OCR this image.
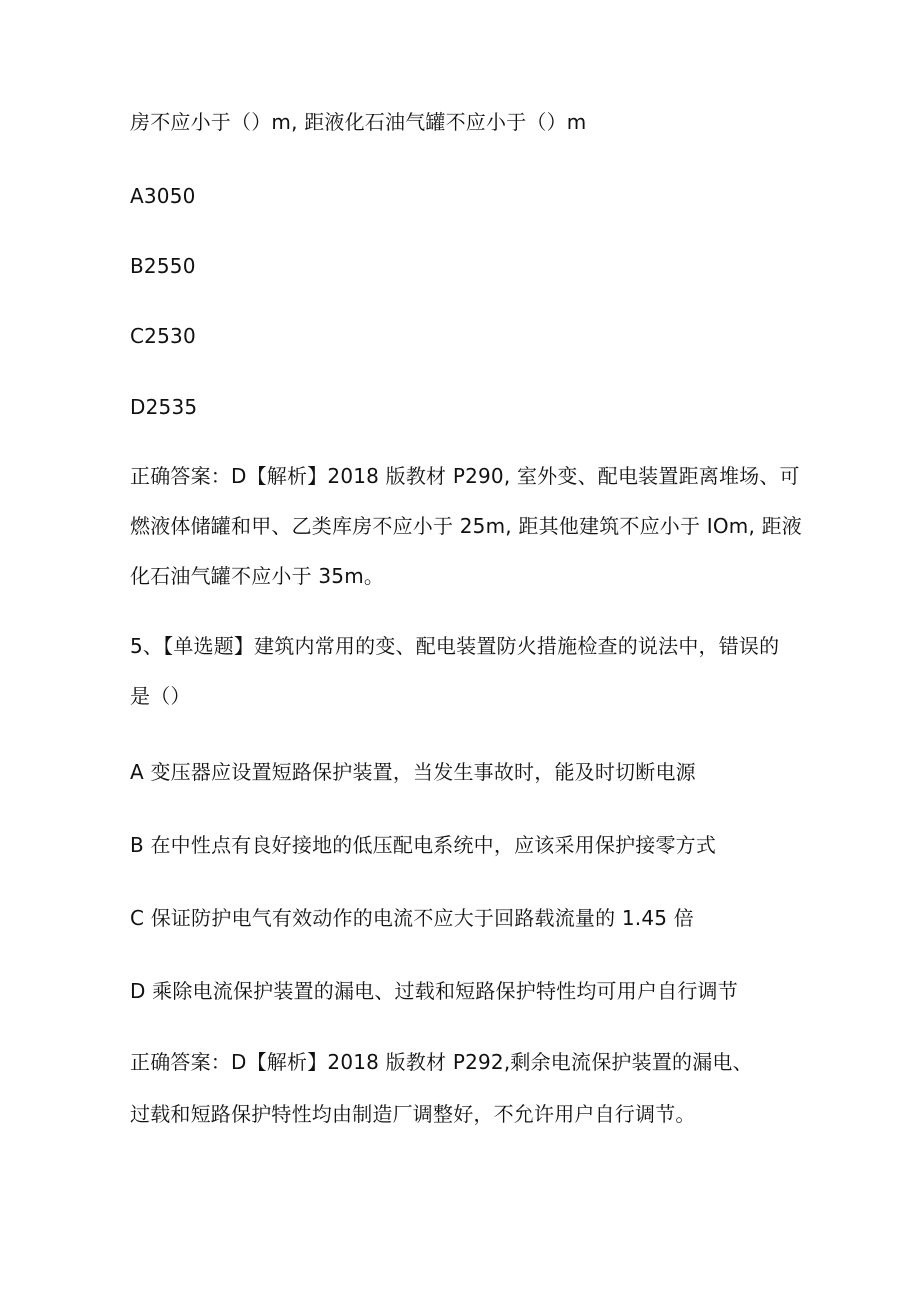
房不应小于（）m, 距液化石油气罐不应小于（）m
A3050
B2550
C2530
D2535
正确答案：D【解析】2018 版教材 P290, 室外变、配电装置距离堆场、可
燃液体储罐和甲、乙类库房不应小于 25m, 距其他建筑不应小于 IOm, 距液
化石油气罐不应小于 35m。
5、【单选题】建筑内常用的变、配电装置防火措施检查的说法中，错误的
是（）
A 变压器应设置短路保护装置，当发生事故时，能及时切断电源
B 在中性点有良好接地的低压配电系统中，应该采用保护接零方式
C 保证防护电气有效动作的电流不应大于回路载流量的 1.45 倍
D 乘除电流保护装置的漏电、过载和短路保护特性均可用户自行调节
正确答案：D【解析】2018 版教材 P292,剩余电流保护装置的漏电、
过载和短路保护特性均由制造厂调整好，不允许用户自行调节。
